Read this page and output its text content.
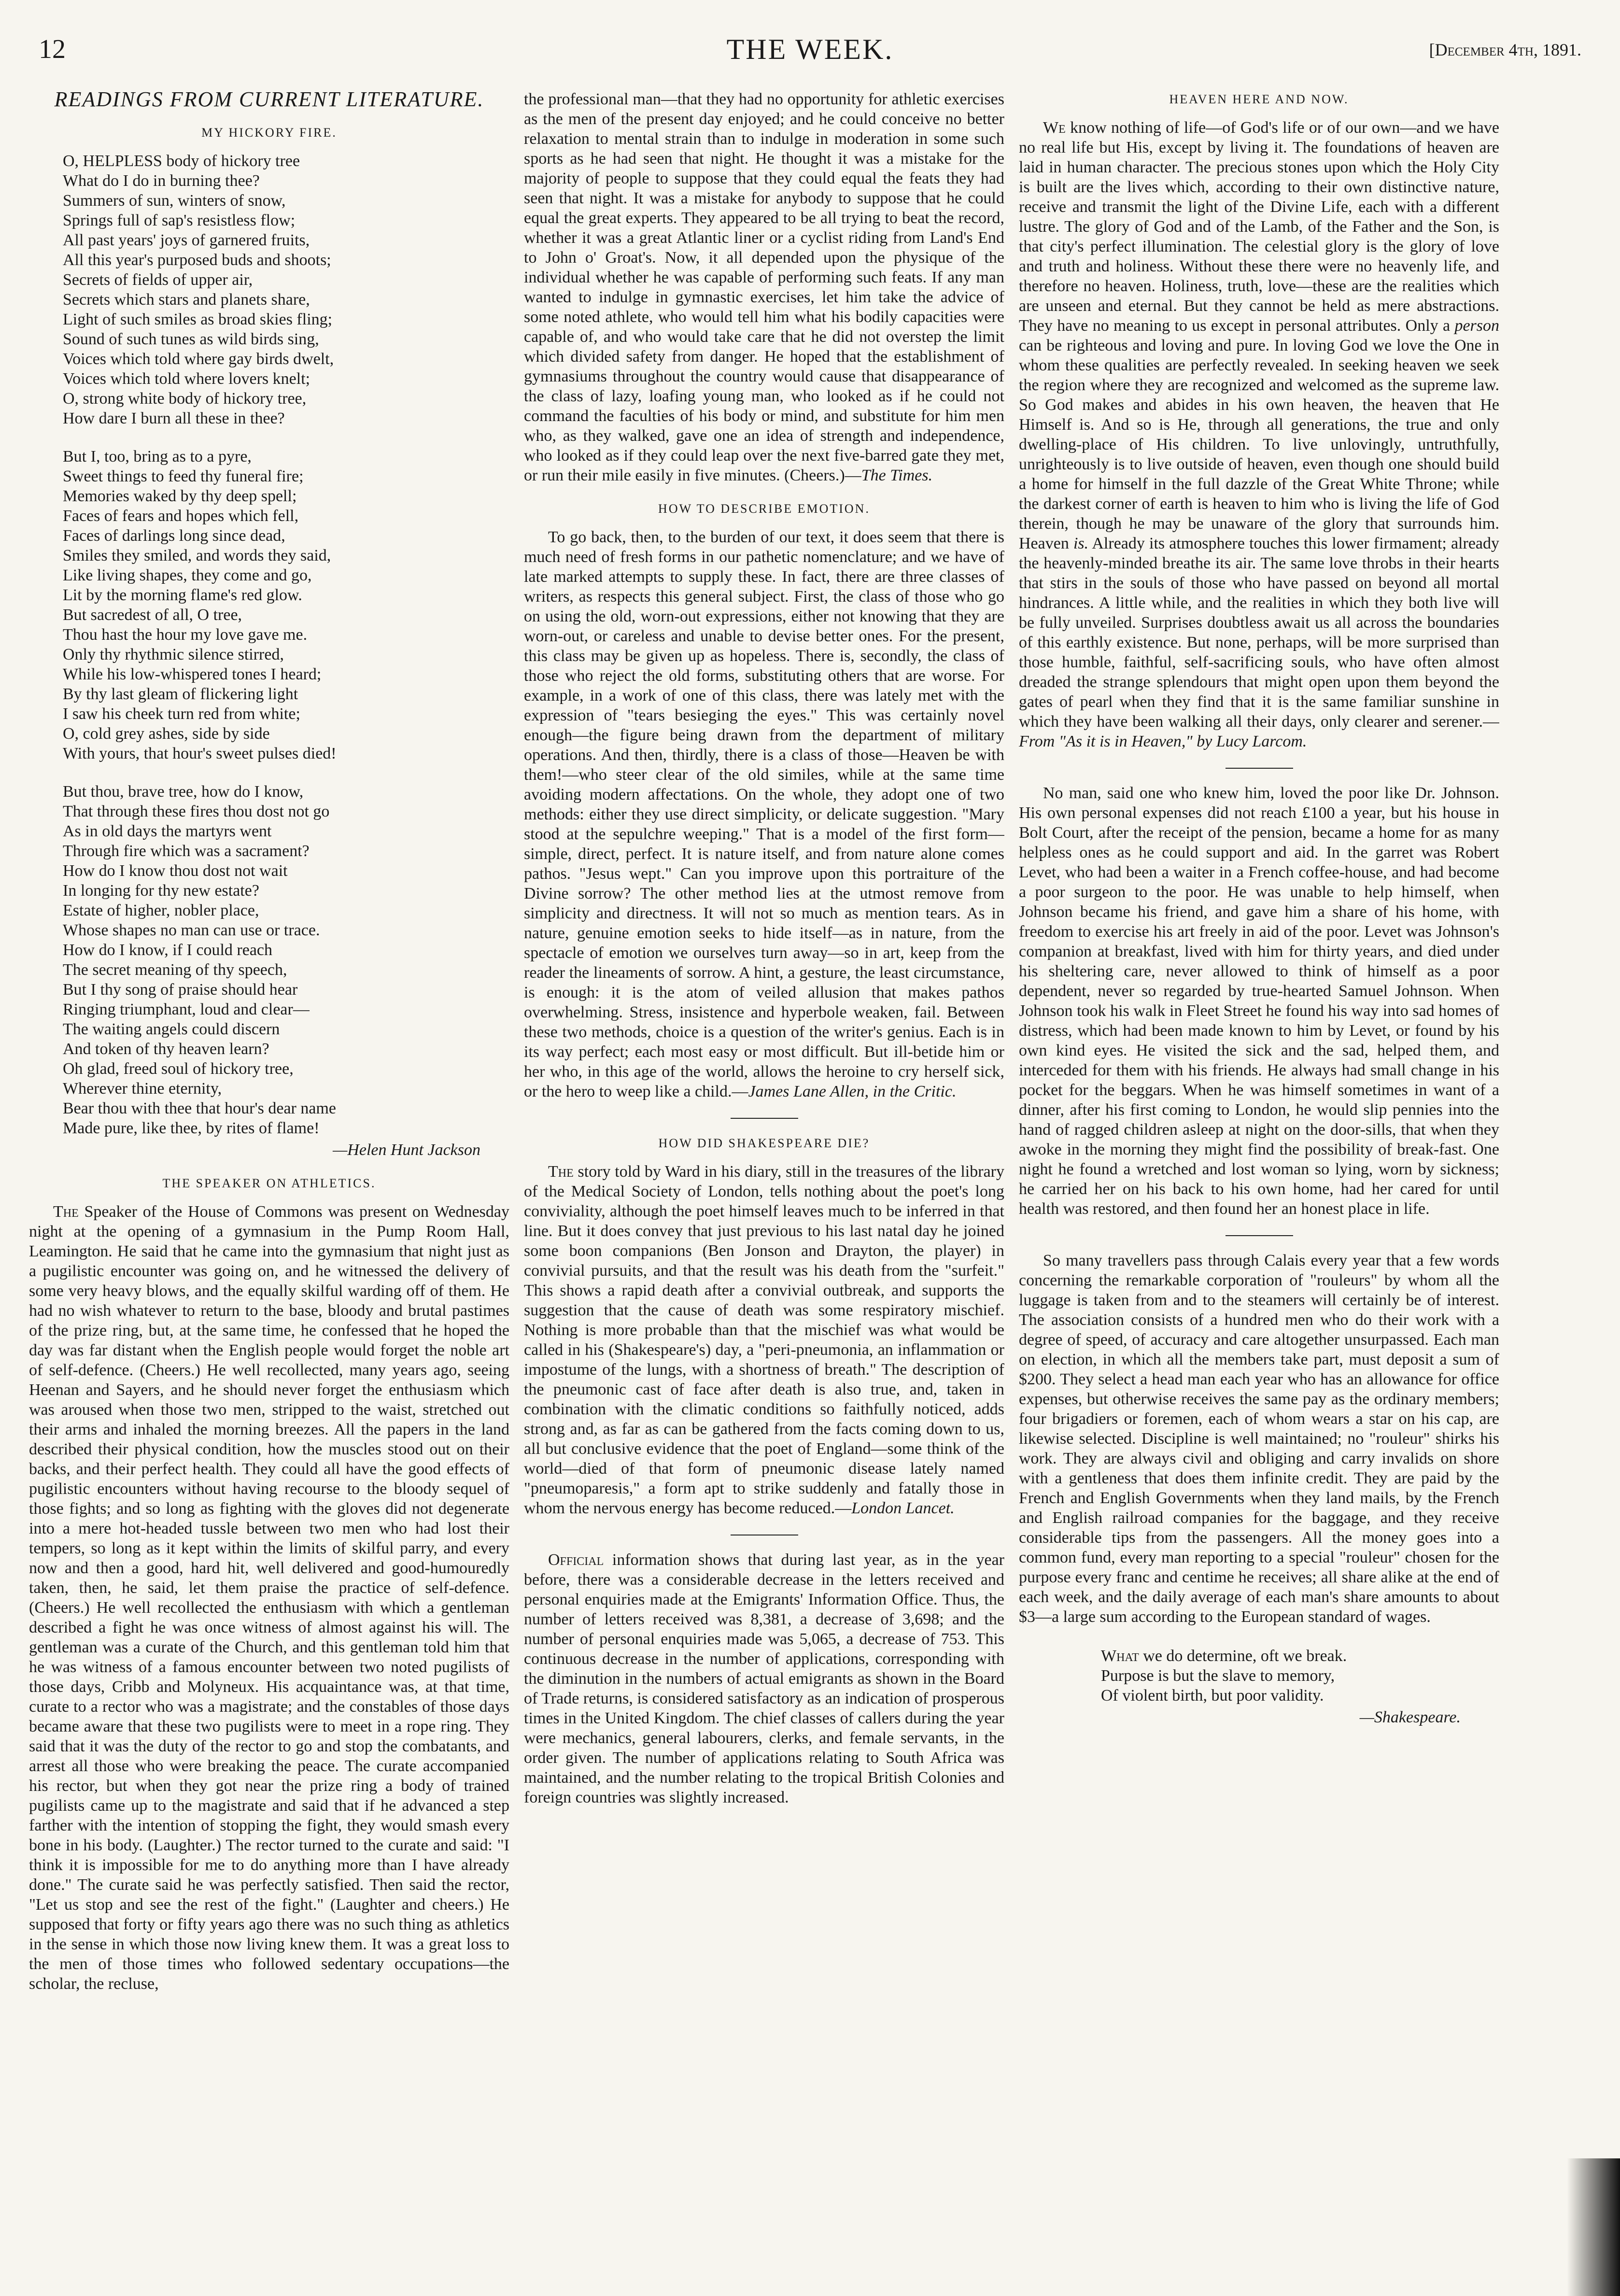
12	THE WEEK.	[December 4th, 1891.
READINGS FROM CURRENT LITERATURE.
MY HICKORY FIRE.
O, HELPLESS body of hickory tree
What do I do in burning thee?
Summers of sun, winters of snow,
Springs full of sap's resistless flow;
All past years' joys of garnered fruits,
All this year's purposed buds and shoots;
Secrets of fields of upper air,
Secrets which stars and planets share,
Light of such smiles as broad skies fling;
Sound of such tunes as wild birds sing,
Voices which told where gay birds dwelt,
Voices which told where lovers knelt;
O, strong white body of hickory tree,
How dare I burn all these in thee?
But I, too, bring as to a pyre,
Sweet things to feed thy funeral fire;
Memories waked by thy deep spell;
Faces of fears and hopes which fell,
Faces of darlings long since dead,
Smiles they smiled, and words they said,
Like living shapes, they come and go,
Lit by the morning flame's red glow.
But sacredest of all, O tree,
Thou hast the hour my love gave me.
Only thy rhythmic silence stirred,
While his low-whispered tones I heard;
By thy last gleam of flickering light
I saw his cheek turn red from white;
O, cold grey ashes, side by side
With yours, that hour's sweet pulses died!
But thou, brave tree, how do I know,
That through these fires thou dost not go
As in old days the martyrs went
Through fire which was a sacrament?
How do I know thou dost not wait
In longing for thy new estate?
Estate of higher, nobler place,
Whose shapes no man can use or trace.
How do I know, if I could reach
The secret meaning of thy speech,
But I thy song of praise should hear
Ringing triumphant, loud and clear—
The waiting angels could discern
And token of thy heaven learn?
Oh glad, freed soul of hickory tree,
Wherever thine eternity,
Bear thou with thee that hour's dear name
Made pure, like thee, by rites of flame!
—Helen Hunt Jackson
THE SPEAKER ON ATHLETICS.

The Speaker of the House of Commons was present on Wednesday night at the opening of a gymnasium in the Pump Room Hall, Leamington. He said that he came into the gymnasium that night just as a pugilistic encounter was going on, and he witnessed the delivery of some very heavy blows, and the equally skilful warding off of them. He had no wish whatever to return to the base, bloody and brutal pastimes of the prize ring, but, at the same time, he confessed that he hoped the day was far distant when the English people would forget the noble art of self-defence. (Cheers.) He well recollected, many years ago, seeing Heenan and Sayers, and he should never forget the enthusiasm which was aroused when those two men, stripped to the waist, stretched out their arms and inhaled the morning breezes. All the papers in the land described their physical condition, how the muscles stood out on their backs, and their perfect health. They could all have the good effects of pugilistic encounters without having recourse to the bloody sequel of those fights; and so long as fighting with the gloves did not degenerate into a mere hot-headed tussle between two men who had lost their tempers, so long as it kept within the limits of skilful parry, and every now and then a good, hard hit, well delivered and good-humouredly taken, then, he said, let them praise the practice of self-defence. (Cheers.) He well recollected the enthusiasm with which a gentleman described a fight he was once witness of almost against his will. The gentleman was a curate of the Church, and this gentleman told him that he was witness of a famous encounter between two noted pugilists of those days, Cribb and Molyneux. His acquaintance was, at that time, curate to a rector who was a magistrate; and the constables of those days became aware that these two pugilists were to meet in a rope ring. They said that it was the duty of the rector to go and stop the combatants, and arrest all those who were breaking the peace. The curate accompanied his rector, but when they got near the prize ring a body of trained pugilists came up to the magistrate and said that if he advanced a step farther with the intention of stopping the fight, they would smash every bone in his body. (Laughter.) The rector turned to the curate and said: "I think it is impossible for me to do anything more than I have already done." The curate said he was perfectly satisfied. Then said the rector, "Let us stop and see the rest of the fight." (Laughter and cheers.) He supposed that forty or fifty years ago there was no such thing as athletics in the sense in which those now living knew them. It was a great loss to the men of those times who followed sedentary occupations—the scholar, the recluse,

the professional man—that they had no opportunity for athletic exercises as the men of the present day enjoyed; and he could conceive no better relaxation to mental strain than to indulge in moderation in some such sports as he had seen that night. He thought it was a mistake for the majority of people to suppose that they could equal the feats they had seen that night. It was a mistake for anybody to suppose that he could equal the great experts. They appeared to be all trying to beat the record, whether it was a great Atlantic liner or a cyclist riding from Land's End to John o' Groat's. Now, it all depended upon the physique of the individual whether he was capable of performing such feats. If any man wanted to indulge in gymnastic exercises, let him take the advice of some noted athlete, who would tell him what his bodily capacities were capable of, and who would take care that he did not overstep the limit which divided safety from danger. He hoped that the establishment of gymnasiums throughout the country would cause that disappearance of the class of lazy, loafing young man, who looked as if he could not command the faculties of his body or mind, and substitute for him men who, as they walked, gave one an idea of strength and independence, who looked as if they could leap over the next five-barred gate they met, or run their mile easily in five minutes. (Cheers.)—The Times.

HOW TO DESCRIBE EMOTION.

To go back, then, to the burden of our text, it does seem that there is much need of fresh forms in our pathetic nomenclature; and we have of late marked attempts to supply these. In fact, there are three classes of writers, as respects this general subject. First, the class of those who go on using the old, worn-out expressions, either not knowing that they are worn-out, or careless and unable to devise better ones. For the present, this class may be given up as hopeless. There is, secondly, the class of those who reject the old forms, substituting others that are worse. For example, in a work of one of this class, there was lately met with the expression of "tears besieging the eyes." This was certainly novel enough—the figure being drawn from the department of military operations. And then, thirdly, there is a class of those—Heaven be with them!—who steer clear of the old similes, while at the same time avoiding modern affectations. On the whole, they adopt one of two methods: either they use direct simplicity, or delicate suggestion. "Mary stood at the sepulchre weeping." That is a model of the first form—simple, direct, perfect. It is nature itself, and from nature alone comes pathos. "Jesus wept." Can you improve upon this portraiture of the Divine sorrow? The other method lies at the utmost remove from simplicity and directness. It will not so much as mention tears. As in nature, genuine emotion seeks to hide itself—as in nature, from the spectacle of emotion we ourselves turn away—so in art, keep from the reader the lineaments of sorrow. A hint, a gesture, the least circumstance, is enough: it is the atom of veiled allusion that makes pathos overwhelming. Stress, insistence and hyperbole weaken, fail. Between these two methods, choice is a question of the writer's genius. Each is in its way perfect; each most easy or most difficult. But ill-betide him or her who, in this age of the world, allows the heroine to cry herself sick, or the hero to weep like a child.—James Lane Allen, in the Critic.

HOW DID SHAKESPEARE DIE?

The story told by Ward in his diary, still in the treasures of the library of the Medical Society of London, tells nothing about the poet's long conviviality, although the poet himself leaves much to be inferred in that line. But it does convey that just previous to his last natal day he joined some boon companions (Ben Jonson and Drayton, the player) in convivial pursuits, and that the result was his death from the "surfeit." This shows a rapid death after a convivial outbreak, and supports the suggestion that the cause of death was some respiratory mischief. Nothing is more probable than that the mischief was what would be called in his (Shakespeare's) day, a "peri-pneumonia, an inflammation or impostume of the lungs, with a shortness of breath." The description of the pneumonic cast of face after death is also true, and, taken in combination with the climatic conditions so faithfully noticed, adds strong and, as far as can be gathered from the facts coming down to us, all but conclusive evidence that the poet of England—some think of the world—died of that form of pneumonic disease lately named "pneumoparesis," a form apt to strike suddenly and fatally those in whom the nervous energy has become reduced.—London Lancet.

Official information shows that during last year, as in the year before, there was a considerable decrease in the letters received and personal enquiries made at the Emigrants' Information Office. Thus, the number of letters received was 8,381, a decrease of 3,698; and the number of personal enquiries made was 5,065, a decrease of 753. This continuous decrease in the number of applications, corresponding with the diminution in the numbers of actual emigrants as shown in the Board of Trade returns, is considered satisfactory as an indication of prosperous times in the United Kingdom. The chief classes of callers during the year were mechanics, general labourers, clerks, and female servants, in the order given. The number of applications relating to South Africa was maintained, and the number relating to the tropical British Colonies and foreign countries was slightly increased.

HEAVEN HERE AND NOW.

We know nothing of life—of God's life or of our own—and we have no real life but His, except by living it. The foundations of heaven are laid in human character. The precious stones upon which the Holy City is built are the lives which, according to their own distinctive nature, receive and transmit the light of the Divine Life, each with a different lustre. The glory of God and of the Lamb, of the Father and the Son, is that city's perfect illumination. The celestial glory is the glory of love and truth and holiness. Without these there were no heavenly life, and therefore no heaven. Holiness, truth, love—these are the realities which are unseen and eternal. But they cannot be held as mere abstractions. They have no meaning to us except in personal attributes. Only a person can be righteous and loving and pure. In loving God we love the One in whom these qualities are perfectly revealed. In seeking heaven we seek the region where they are recognized and welcomed as the supreme law. So God makes and abides in his own heaven, the heaven that He Himself is. And so is He, through all generations, the true and only dwelling-place of His children. To live unlovingly, untruthfully, unrighteously is to live outside of heaven, even though one should build a home for himself in the full dazzle of the Great White Throne; while the darkest corner of earth is heaven to him who is living the life of God therein, though he may be unaware of the glory that surrounds him. Heaven is. Already its atmosphere touches this lower firmament; already the heavenly-minded breathe its air. The same love throbs in their hearts that stirs in the souls of those who have passed on beyond all mortal hindrances. A little while, and the realities in which they both live will be fully unveiled. Surprises doubtless await us all across the boundaries of this earthly existence. But none, perhaps, will be more surprised than those humble, faithful, self-sacrificing souls, who have often almost dreaded the strange splendours that might open upon them beyond the gates of pearl when they find that it is the same familiar sunshine in which they have been walking all their days, only clearer and serener.—From "As it is in Heaven," by Lucy Larcom.

No man, said one who knew him, loved the poor like Dr. Johnson. His own personal expenses did not reach £100 a year, but his house in Bolt Court, after the receipt of the pension, became a home for as many helpless ones as he could support and aid. In the garret was Robert Levet, who had been a waiter in a French coffee-house, and had become a poor surgeon to the poor. He was unable to help himself, when Johnson became his friend, and gave him a share of his home, with freedom to exercise his art freely in aid of the poor. Levet was Johnson's companion at breakfast, lived with him for thirty years, and died under his sheltering care, never allowed to think of himself as a poor dependent, never so regarded by true-hearted Samuel Johnson. When Johnson took his walk in Fleet Street he found his way into sad homes of distress, which had been made known to him by Levet, or found by his own kind eyes. He visited the sick and the sad, helped them, and interceded for them with his friends. He always had small change in his pocket for the beggars. When he was himself sometimes in want of a dinner, after his first coming to London, he would slip pennies into the hand of ragged children asleep at night on the door-sills, that when they awoke in the morning they might find the possibility of break-fast. One night he found a wretched and lost woman so lying, worn by sickness; he carried her on his back to his own home, had her cared for until health was restored, and then found her an honest place in life.

So many travellers pass through Calais every year that a few words concerning the remarkable corporation of "rouleurs" by whom all the luggage is taken from and to the steamers will certainly be of interest. The association consists of a hundred men who do their work with a degree of speed, of accuracy and care altogether unsurpassed. Each man on election, in which all the members take part, must deposit a sum of $200. They select a head man each year who has an allowance for office expenses, but otherwise receives the same pay as the ordinary members; four brigadiers or foremen, each of whom wears a star on his cap, are likewise selected. Discipline is well maintained; no "rouleur" shirks his work. They are always civil and obliging and carry invalids on shore with a gentleness that does them infinite credit. They are paid by the French and English Governments when they land mails, by the French and English railroad companies for the baggage, and they receive considerable tips from the passengers. All the money goes into a common fund, every man reporting to a special "rouleur" chosen for the purpose every franc and centime he receives; all share alike at the end of each week, and the daily average of each man's share amounts to about $3—a large sum according to the European standard of wages.

What we do determine, oft we break.
Purpose is but the slave to memory,
Of violent birth, but poor validity.
—Shakespeare.
